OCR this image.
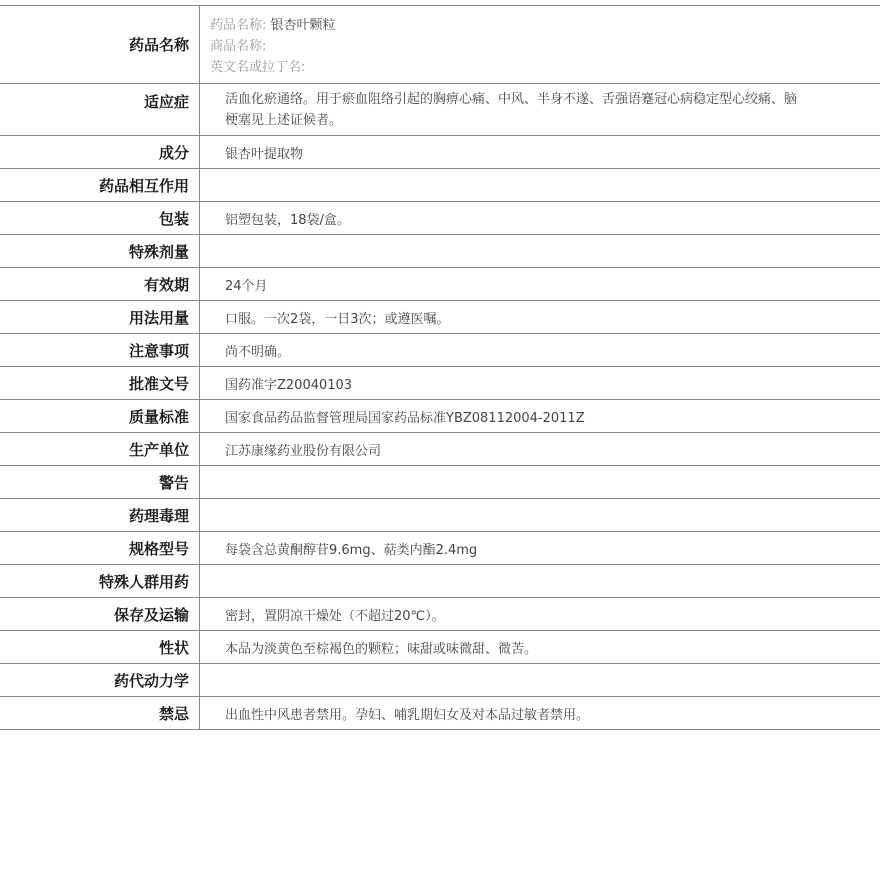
药品名称
药品名称: 银杏叶颗粒
商品名称:
英文名或拉丁名:
适应症	活血化瘀通络。用于瘀血阻络引起的胸痹心痛、中风、半身不遂、舌强语蹇冠心病稳定型心绞痛、脑梗塞见上述证候者。
成分	银杏叶提取物
药品相互作用
包装	铝塑包装，18袋/盒。
特殊剂量
有效期	24个月
用法用量	口服。一次2袋，一日3次；或遵医嘱。
注意事项	尚不明确。
批准文号	国药准字Z20040103
质量标准	国家食品药品监督管理局国家药品标准YBZ08112004-2011Z
生产单位	江苏康缘药业股份有限公司
警告
药理毒理
规格型号	每袋含总黄酮醇苷9.6mg、萜类内酯2.4mg
特殊人群用药
保存及运输	密封，置阴凉干燥处（不超过20℃）。
性状	本品为淡黄色至棕褐色的颗粒；味甜或味微甜、微苦。
药代动力学
禁忌	出血性中风患者禁用。孕妇、哺乳期妇女及对本品过敏者禁用。
